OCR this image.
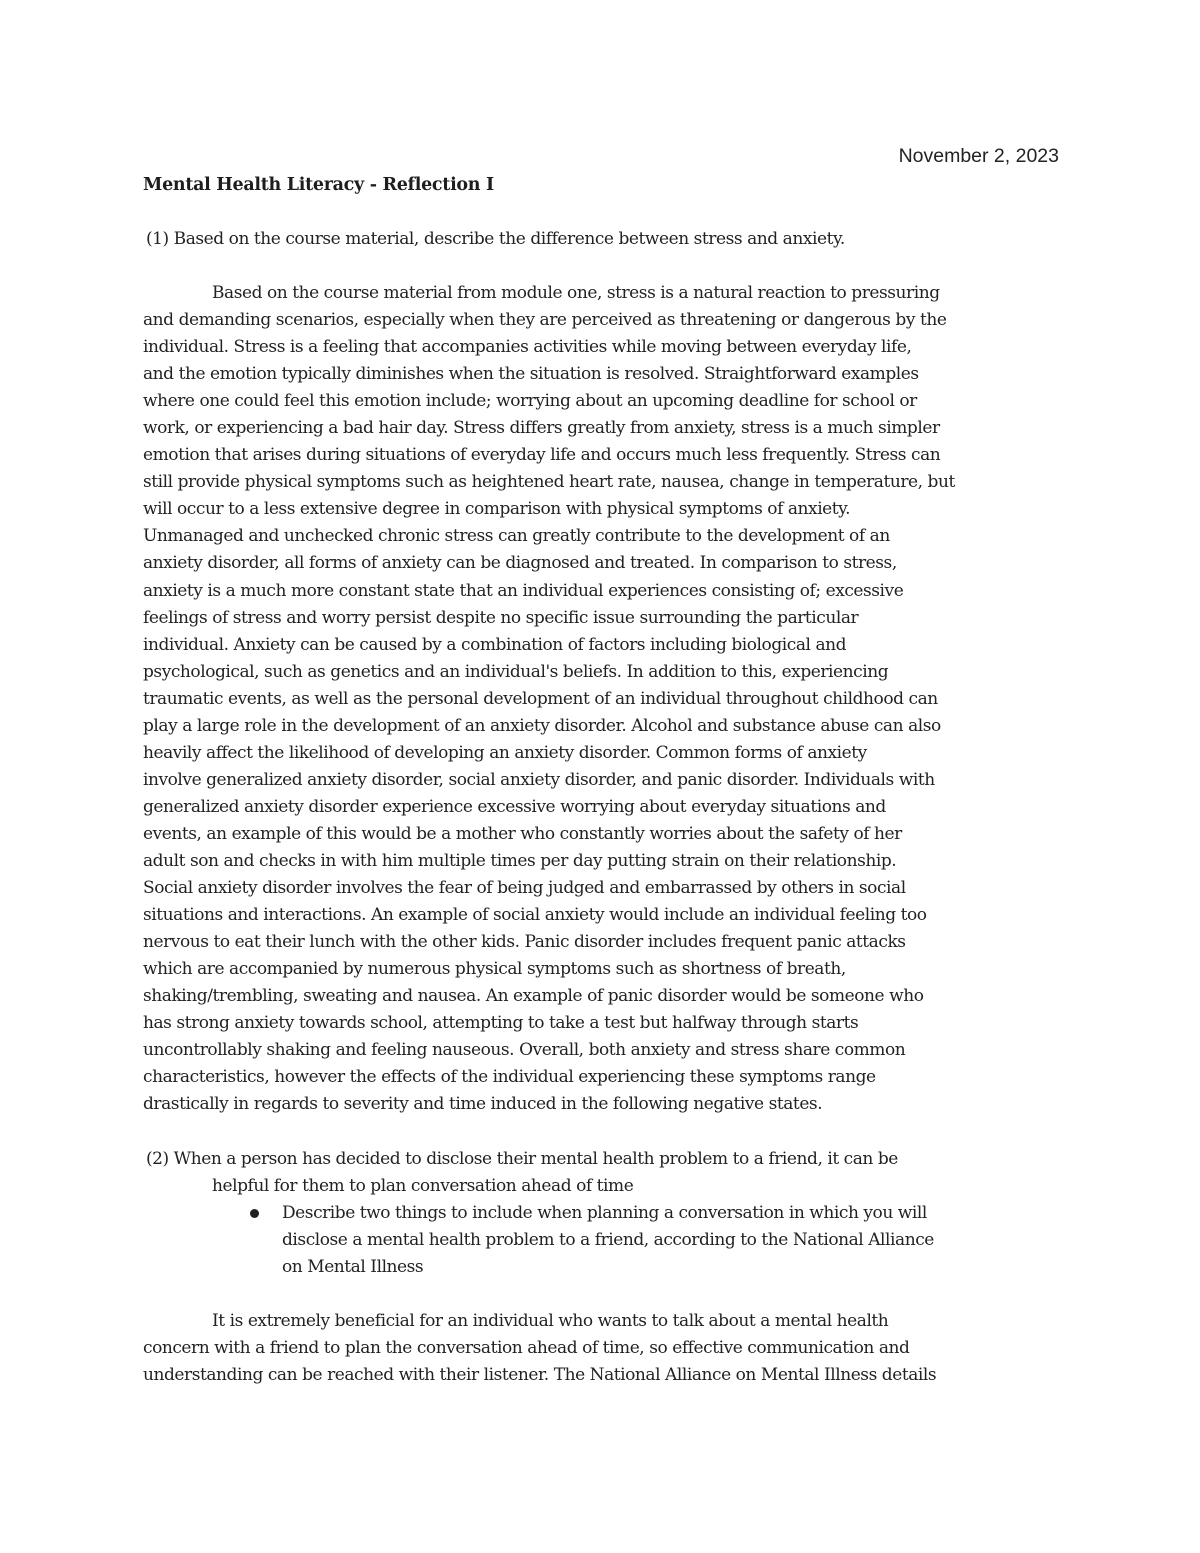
November 2, 2023
Mental Health Literacy - Reflection I
(1) Based on the course material, describe the difference between stress and anxiety.
Based on the course material from module one, stress is a natural reaction to pressuring
and demanding scenarios, especially when they are perceived as threatening or dangerous by the
individual. Stress is a feeling that accompanies activities while moving between everyday life,
and the emotion typically diminishes when the situation is resolved. Straightforward examples
where one could feel this emotion include; worrying about an upcoming deadline for school or
work, or experiencing a bad hair day. Stress differs greatly from anxiety, stress is a much simpler
emotion that arises during situations of everyday life and occurs much less frequently. Stress can
still provide physical symptoms such as heightened heart rate, nausea, change in temperature, but
will occur to a less extensive degree in comparison with physical symptoms of anxiety.
Unmanaged and unchecked chronic stress can greatly contribute to the development of an
anxiety disorder, all forms of anxiety can be diagnosed and treated. In comparison to stress,
anxiety is a much more constant state that an individual experiences consisting of; excessive
feelings of stress and worry persist despite no specific issue surrounding the particular
individual. Anxiety can be caused by a combination of factors including biological and
psychological, such as genetics and an individual's beliefs. In addition to this, experiencing
traumatic events, as well as the personal development of an individual throughout childhood can
play a large role in the development of an anxiety disorder. Alcohol and substance abuse can also
heavily affect the likelihood of developing an anxiety disorder. Common forms of anxiety
involve generalized anxiety disorder, social anxiety disorder, and panic disorder. Individuals with
generalized anxiety disorder experience excessive worrying about everyday situations and
events, an example of this would be a mother who constantly worries about the safety of her
adult son and checks in with him multiple times per day putting strain on their relationship.
Social anxiety disorder involves the fear of being judged and embarrassed by others in social
situations and interactions. An example of social anxiety would include an individual feeling too
nervous to eat their lunch with the other kids. Panic disorder includes frequent panic attacks
which are accompanied by numerous physical symptoms such as shortness of breath,
shaking/trembling, sweating and nausea. An example of panic disorder would be someone who
has strong anxiety towards school, attempting to take a test but halfway through starts
uncontrollably shaking and feeling nauseous. Overall, both anxiety and stress share common
characteristics, however the effects of the individual experiencing these symptoms range
drastically in regards to severity and time induced in the following negative states.
(2) When a person has decided to disclose their mental health problem to a friend, it can be
helpful for them to plan conversation ahead of time
Describe two things to include when planning a conversation in which you will
disclose a mental health problem to a friend, according to the National Alliance
on Mental Illness
It is extremely beneficial for an individual who wants to talk about a mental health
concern with a friend to plan the conversation ahead of time, so effective communication and
understanding can be reached with their listener. The National Alliance on Mental Illness details
